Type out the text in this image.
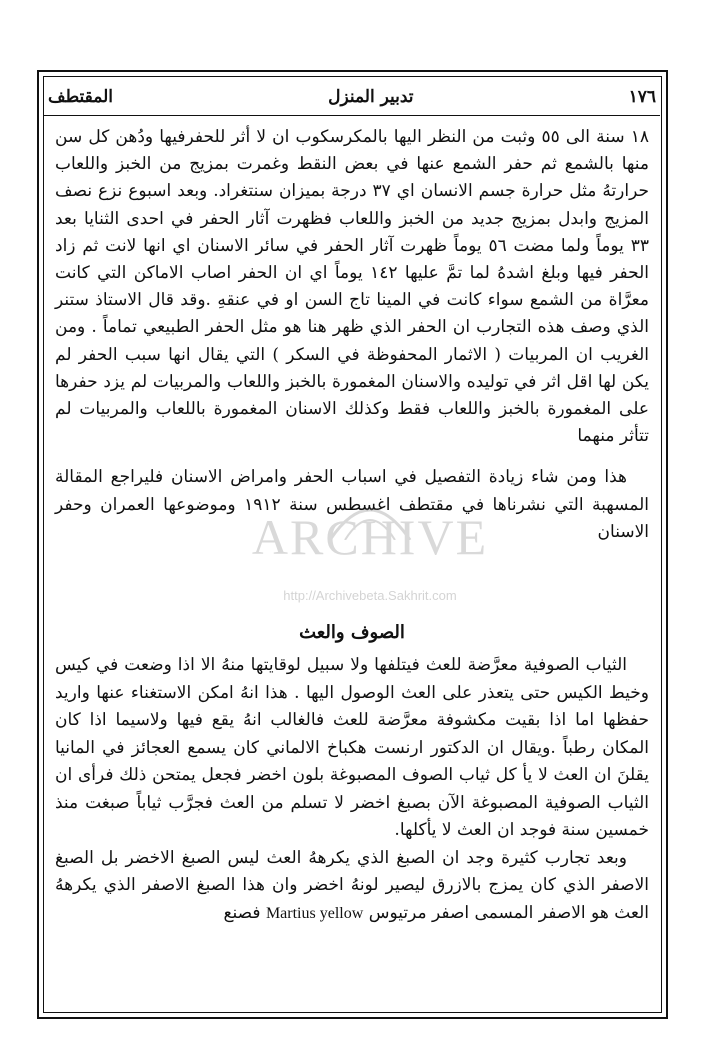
١٧٦
تدبير المنزل
المقتطف

١٨ سنة الى ٥٥ وثبت من النظر اليها بالمكرسكوب ان لا أثر للحفرفيها ودُهن كل سن منها بالشمع ثم حفر الشمع عنها في بعض النقط وغمرت بمزيج من الخبز واللعاب حرارتهُ مثل حرارة جسم الانسان اي ٣٧ درجة بميزان سنتغراد. وبعد اسبوع نزع نصف المزيج وابدل بمزيج جديد من الخبز واللعاب فظهرت آثار الحفر في احدى الثنايا بعد ٣٣ يوماً ولما مضت ٥٦ يوماً ظهرت آثار الحفر في سائر الاسنان اي انها لانت ثم زاد الحفر فيها وبلغ اشدهُ لما تمَّ عليها ١٤٢ يوماً اي ان الحفر اصاب الاماكن التي كانت معرَّاة من الشمع سواء كانت في المينا تاج السن او في عنقهِ .وقد قال الاستاذ ستنر الذي وصف هذه التجارب ان الحفر الذي ظهر هنا هو مثل الحفر الطبيعي تماماً . ومن الغريب ان المربيات ( الاثمار المحفوظة في السكر ) التي يقال انها سبب الحفر لم يكن لها اقل اثر في توليده والاسنان المغمورة بالخبز واللعاب والمربيات لم يزد حفرها على المغمورة بالخبز واللعاب فقط وكذلك الاسنان المغمورة باللعاب والمربيات لم تتأثر منهما

هذا ومن شاء زيادة التفصيل في اسباب الحفر وامراض الاسنان فليراجع المقالة المسهبة التي نشرناها في مقتطف اغسطس سنة ١٩١٢ وموضوعها العمران وحفر الاسنان

الصوف والعث

الثياب الصوفية معرَّضة للعث فيتلفها ولا سبيل لوقايتها منهُ الا اذا وضعت في كيس وخيط الكيس حتى يتعذر على العث الوصول اليها . هذا انهُ امكن الاستغناء عنها واريد حفظها اما اذا بقيت مكشوفة معرَّضة للعث فالغالب انهُ يقع فيها ولاسيما اذا كان المكان رطباً .ويقال ان الدكتور ارنست هكباخ الالماني كان يسمع العجائز في المانيا يقلنَ ان العث لا يأ كل ثياب الصوف المصبوغة بلون اخضر فجعل يمتحن ذلك فرأى ان الثياب الصوفية المصبوغة الآن بصبغ اخضر لا تسلم من العث فجرَّب ثياباً صبغت منذ خمسين سنة فوجد ان العث لا يأكلها.

وبعد تجارب كثيرة وجد ان الصبغ الذي يكرههُ العث ليس الصبغ الاخضر بل الصبغ الاصفر الذي كان يمزج بالازرق ليصير لونهُ اخضر وان هذا الصبغ الاصفر الذي يكرههُ العث هو الاصفر المسمى اصفر مرتيوس Martius yellow فصنع

ARCHIVE
http://Archivebeta.Sakhrit.com
